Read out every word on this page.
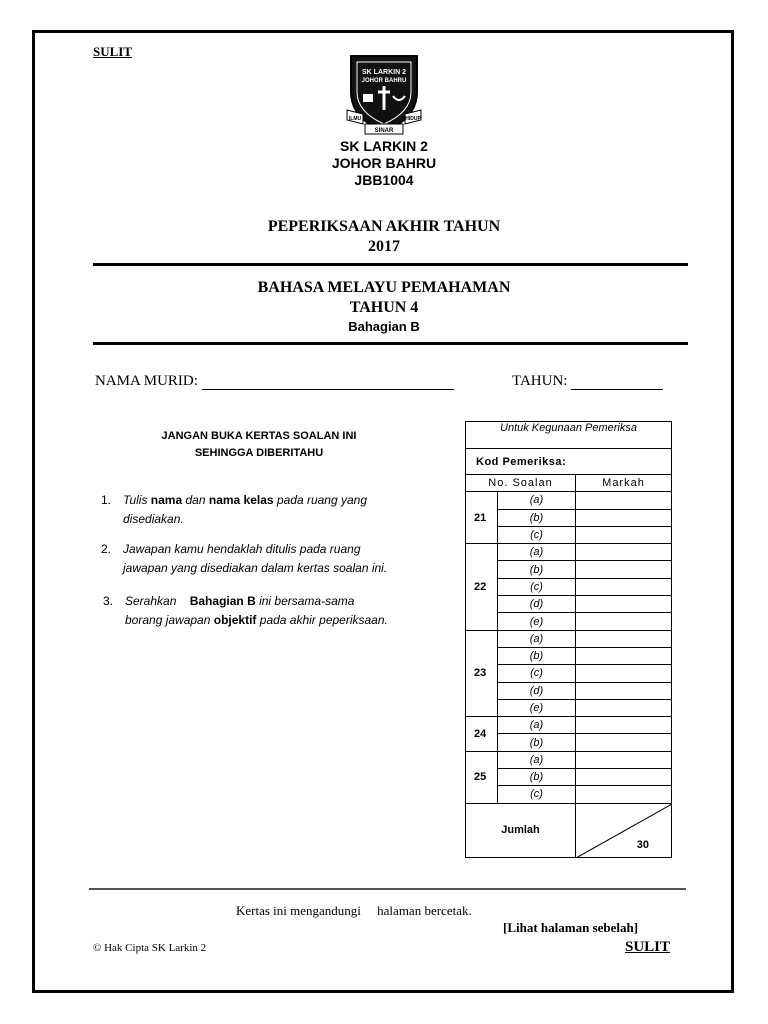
SULIT
SK LARKIN 2
JOHOR BAHRU
ILMU
SINAR
HIDUP
SK LARKIN 2
JOHOR BAHRU
JBB1004
PEPERIKSAAN AKHIR TAHUN
2017
BAHASA MELAYU PEMAHAMAN
TAHUN 4
Bahagian B
NAMA MURID:	TAHUN:
JANGAN BUKA KERTAS SOALAN INI
SEHINGGA DIBERITAHU
1. Tulis nama dan nama kelas pada ruang yang
disediakan.
2. Jawapan kamu hendaklah ditulis pada ruang
jawapan yang disediakan dalam kertas soalan ini.
3. Serahkan Bahagian B ini bersama-sama
borang jawapan objektif pada akhir peperiksaan.
Untuk Kegunaan Pemeriksa		
Kod Pemeriksa:		
No. Soalan		Markah
21	(a)	
	(b)	
	(c)	
22	(a)	
	(b)	
	(c)	
	(d)	
	(e)	
23	(a)	
	(b)	
	(c)	
	(d)	
	(e)	
24	(a)	
	(b)	
25	(a)	
	(b)	
	(c)	
Jumlah		30
Kertas ini mengandungi     halaman bercetak.
[Lihat halaman sebelah]
© Hak Cipta SK Larkin 2	SULIT
